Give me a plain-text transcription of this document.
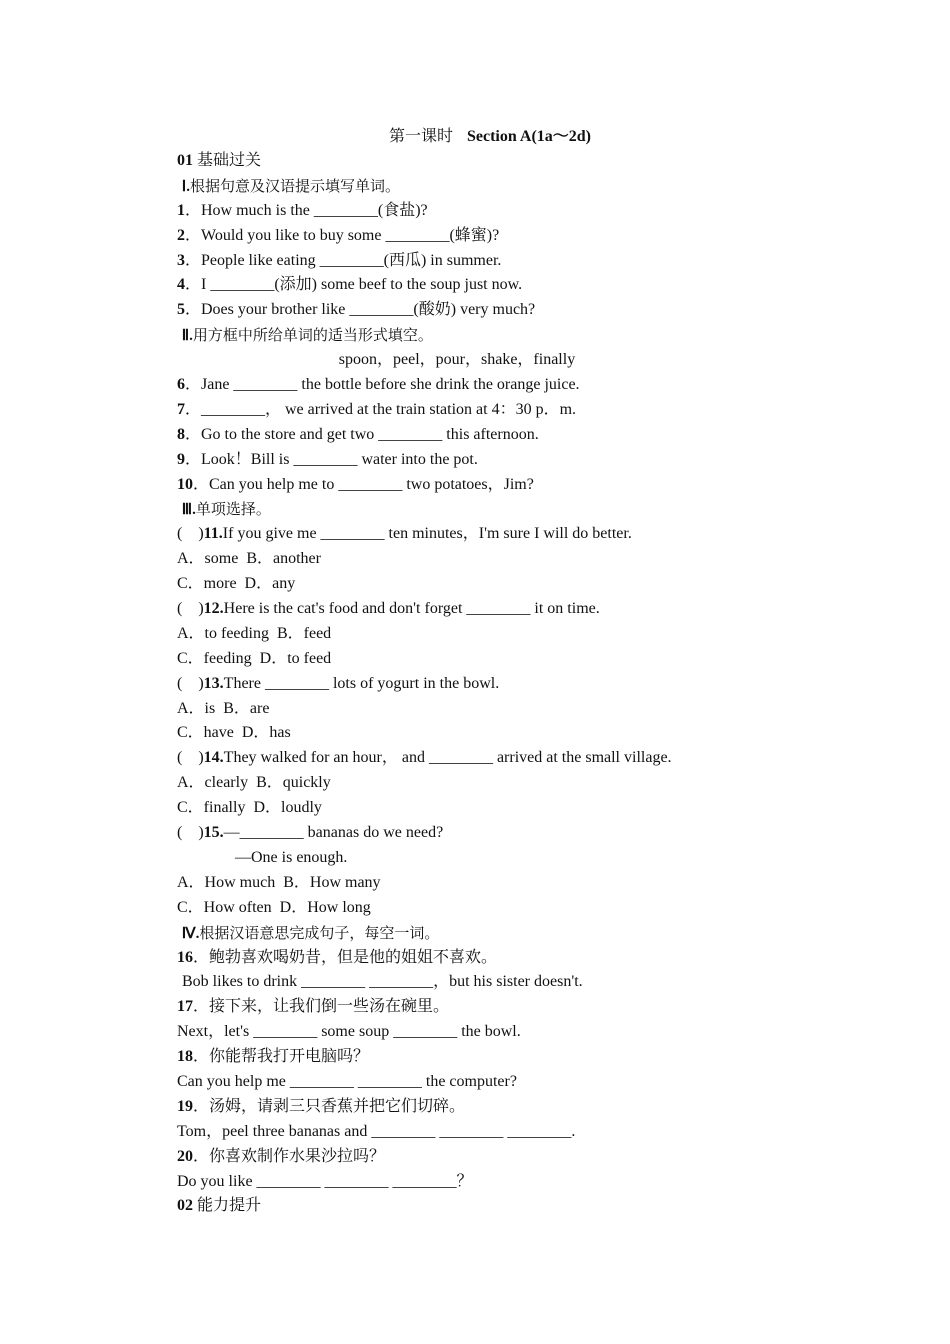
第一课时 Section A(1a～2d)
01 基础过关
Ⅰ.根据句意及汉语提示填写单词。
1．How much is the ________(食盐)?
2．Would you like to buy some ________(蜂蜜)?
3．People like eating ________(西瓜) in summer.
4．I ________(添加) some beef to the soup just now.
5．Does your brother like ________(酸奶) very much?
Ⅱ.用方框中所给单词的适当形式填空。
spoon，peel，pour，shake，finally
6．Jane ________ the bottle before she drink the orange juice.
7．________， we arrived at the train station at 4：30 p．m.
8．Go to the store and get two ________ this afternoon.
9．Look！Bill is ________ water into the pot.
10．Can you help me to ________ two potatoes，Jim?
Ⅲ.单项选择。
(　)11.If you give me ________ ten minutes，I'm sure I will do better.
A．some  B．another
C．more  D．any
(　)12.Here is the cat's food and don't forget ________ it on time.
A．to feeding  B．feed
C．feeding  D．to feed
(　)13.There ________ lots of yogurt in the bowl.
A．is  B．are
C．have  D．has
(　)14.They walked for an hour， and ________ arrived at the small village.
A．clearly  B．quickly
C．finally  D．loudly
(　)15.—________ bananas do we need?
—One is enough.
A．How much  B．How many
C．How often  D．How long
Ⅳ.根据汉语意思完成句子，每空一词。
16．鲍勃喜欢喝奶昔，但是他的姐姐不喜欢。
Bob likes to drink ________ ________，but his sister doesn't.
17．接下来，让我们倒一些汤在碗里。
Next，let's ________ some soup ________ the bowl.
18．你能帮我打开电脑吗？
Can you help me ________ ________ the computer?
19．汤姆，请剥三只香蕉并把它们切碎。
Tom，peel three bananas and ________ ________ ________.
20．你喜欢制作水果沙拉吗？
Do you like ________ ________ ________？
02 能力提升
